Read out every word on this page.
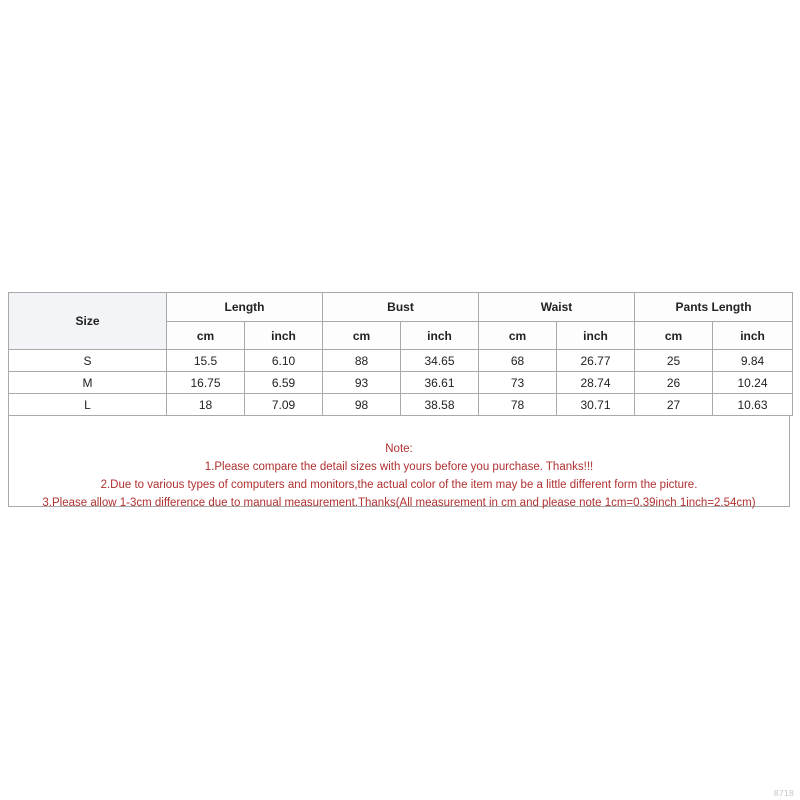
Size	Length		Bust		Waist		Pants Length	
	cm	inch	cm	inch	cm	inch	cm	inch
S	15.5	6.10	88	34.65	68	26.77	25	9.84
M	16.75	6.59	93	36.61	73	28.74	26	10.24
L	18	7.09	98	38.58	78	30.71	27	10.63
Note:
1.Please compare the detail sizes with yours before you purchase. Thanks!!!
2.Due to various types of computers and monitors,the actual color of the item may be a little different form the picture.
3.Please allow 1-3cm difference due to manual measurement.Thanks(All measurement in cm and please note 1cm=0.39inch 1inch=2.54cm)
8718
